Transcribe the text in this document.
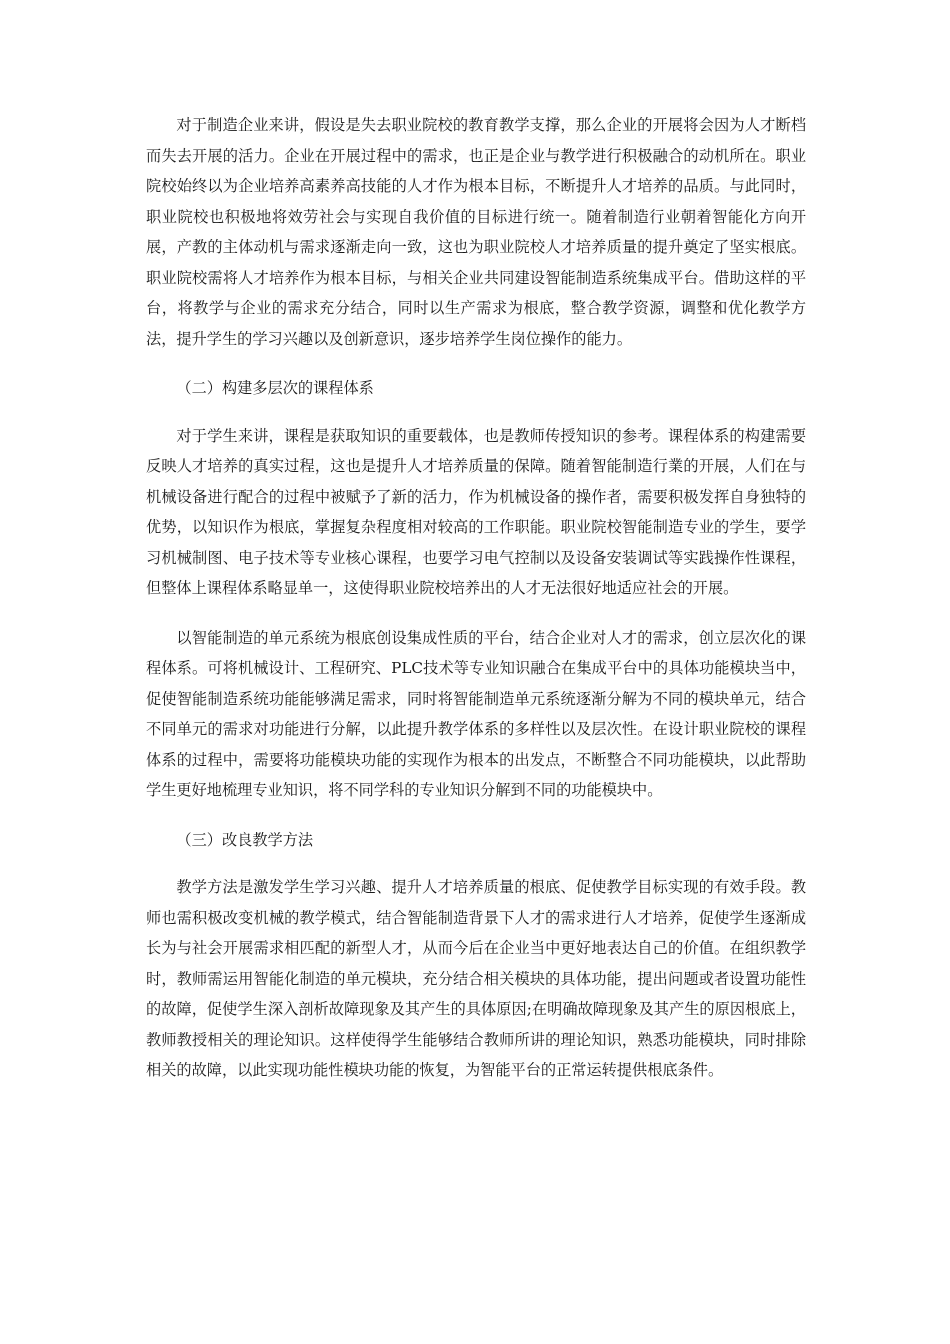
对于制造企业来讲，假设是失去职业院校的教育教学支撑，那么企业的开展将会因为人才断档而失去开展的活力。企业在开展过程中的需求，也正是企业与教学进行积极融合的动机所在。职业院校始终以为企业培养高素养高技能的人才作为根本目标，不断提升人才培养的品质。与此同时，职业院校也积极地将效劳社会与实现自我价值的目标进行统一。随着制造行业朝着智能化方向开展，产教的主体动机与需求逐渐走向一致，这也为职业院校人才培养质量的提升奠定了坚实根底。职业院校需将人才培养作为根本目标，与相关企业共同建设智能制造系统集成平台。借助这样的平台，将教学与企业的需求充分结合，同时以生产需求为根底，整合教学资源，调整和优化教学方法，提升学生的学习兴趣以及创新意识，逐步培养学生岗位操作的能力。

（二）构建多层次的课程体系

对于学生来讲，课程是获取知识的重要载体，也是教师传授知识的参考。课程体系的构建需要反映人才培养的真实过程，这也是提升人才培养质量的保障。随着智能制造行業的开展，人们在与机械设备进行配合的过程中被赋予了新的活力，作为机械设备的操作者，需要积极发挥自身独特的优势，以知识作为根底，掌握复杂程度相对较高的工作职能。职业院校智能制造专业的学生，要学习机械制图、电子技术等专业核心课程，也要学习电气控制以及设备安装调试等实践操作性课程，但整体上课程体系略显单一，这使得职业院校培养出的人才无法很好地适应社会的开展。

以智能制造的单元系统为根底创设集成性质的平台，结合企业对人才的需求，创立层次化的课程体系。可将机械设计、工程研究、PLC技术等专业知识融合在集成平台中的具体功能模块当中，促使智能制造系统功能能够满足需求，同时将智能制造单元系统逐渐分解为不同的模块单元，结合不同单元的需求对功能进行分解，以此提升教学体系的多样性以及层次性。在设计职业院校的课程体系的过程中，需要将功能模块功能的实现作为根本的出发点，不断整合不同功能模块，以此帮助学生更好地梳理专业知识，将不同学科的专业知识分解到不同的功能模块中。

（三）改良教学方法

教学方法是激发学生学习兴趣、提升人才培养质量的根底、促使教学目标实现的有效手段。教师也需积极改变机械的教学模式，结合智能制造背景下人才的需求进行人才培养，促使学生逐渐成长为与社会开展需求相匹配的新型人才，从而今后在企业当中更好地表达自己的价值。在组织教学时，教师需运用智能化制造的单元模块，充分结合相关模块的具体功能，提出问题或者设置功能性的故障，促使学生深入剖析故障现象及其产生的具体原因;在明确故障现象及其产生的原因根底上，教师教授相关的理论知识。这样使得学生能够结合教师所讲的理论知识，熟悉功能模块，同时排除相关的故障，以此实现功能性模块功能的恢复，为智能平台的正常运转提供根底条件。
